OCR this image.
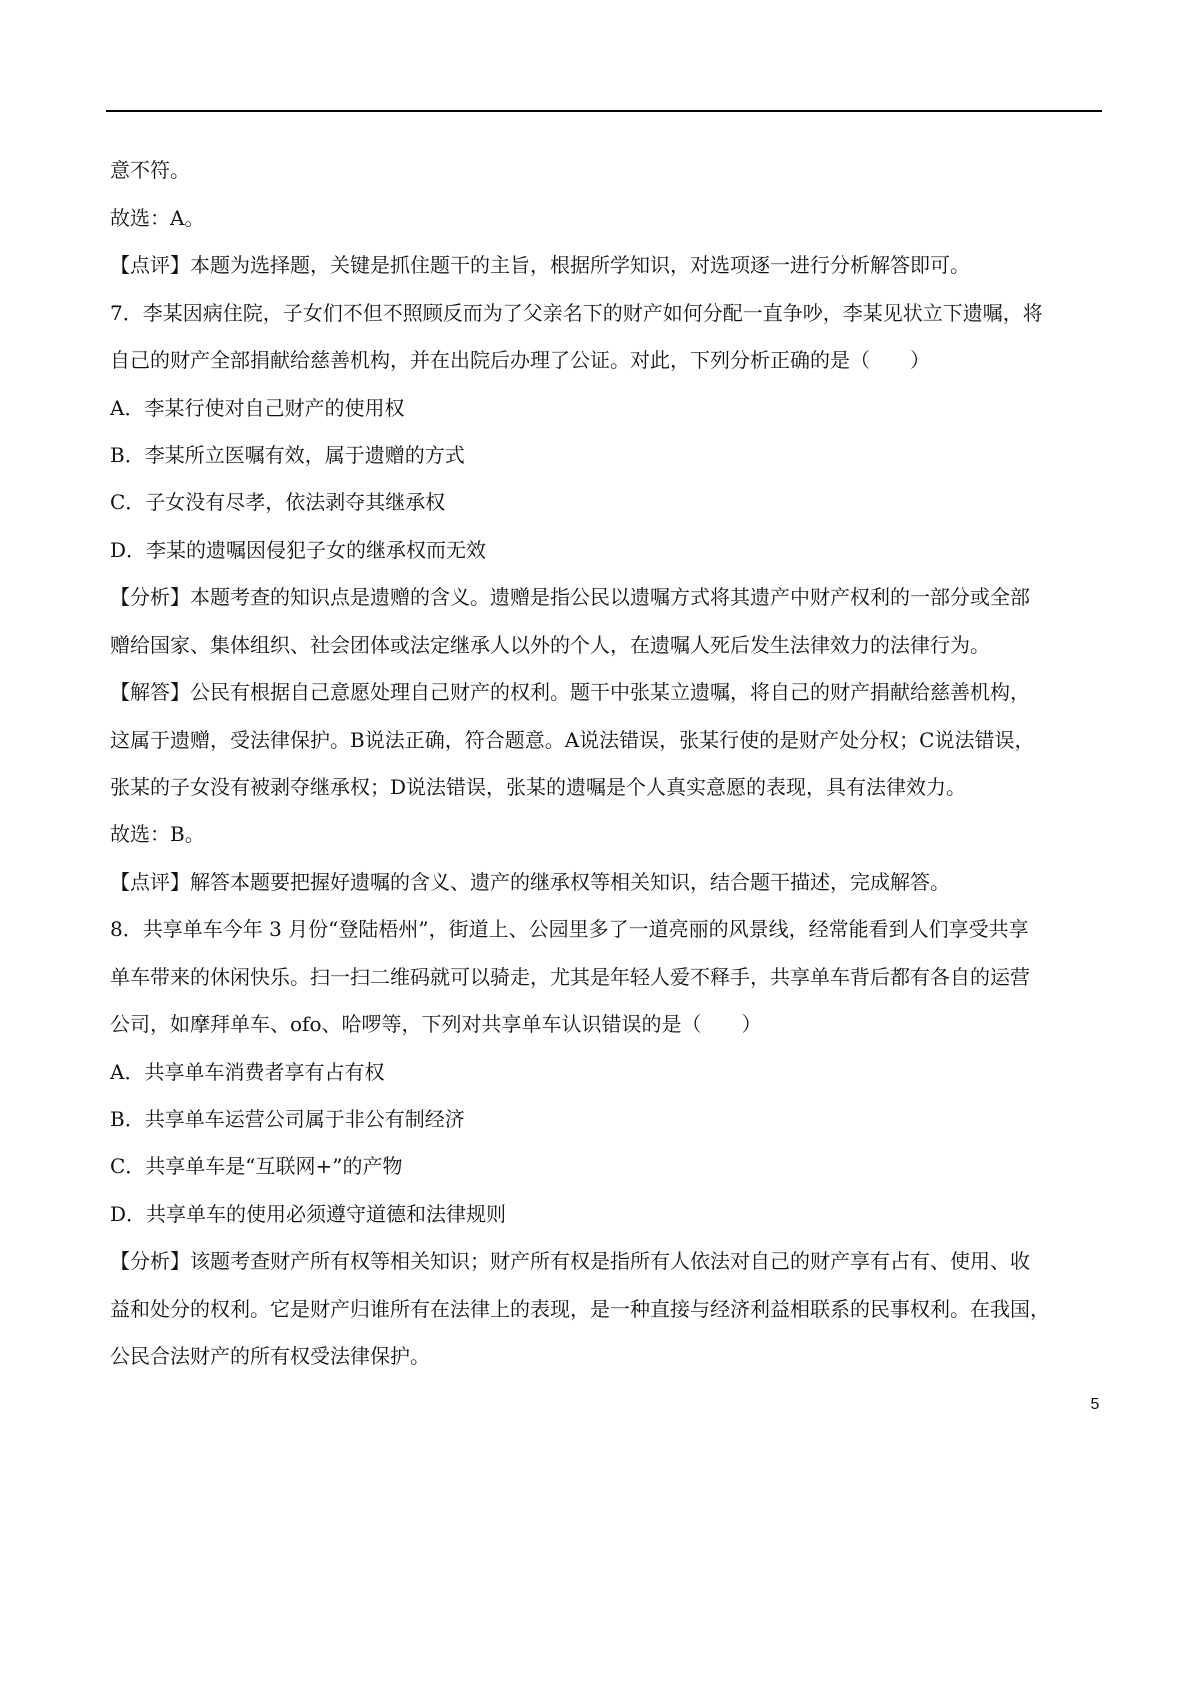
意不符。
故选：A。
【点评】本题为选择题，关键是抓住题干的主旨，根据所学知识，对选项逐一进行分析解答即可。
7．李某因病住院，子女们不但不照顾反而为了父亲名下的财产如何分配一直争吵，李某见状立下遗嘱，将
自己的财产全部捐献给慈善机构，并在出院后办理了公证。对此，下列分析正确的是（　　）
A．李某行使对自己财产的使用权
B．李某所立医嘱有效，属于遗赠的方式
C．子女没有尽孝，依法剥夺其继承权
D．李某的遗嘱因侵犯子女的继承权而无效
【分析】本题考查的知识点是遗赠的含义。遗赠是指公民以遗嘱方式将其遗产中财产权利的一部分或全部
赠给国家、集体组织、社会团体或法定继承人以外的个人，在遗嘱人死后发生法律效力的法律行为。
【解答】公民有根据自己意愿处理自己财产的权利。题干中张某立遗嘱，将自己的财产捐献给慈善机构，
这属于遗赠，受法律保护。B说法正确，符合题意。A说法错误，张某行使的是财产处分权；C说法错误，
张某的子女没有被剥夺继承权；D说法错误，张某的遗嘱是个人真实意愿的表现，具有法律效力。
故选：B。
【点评】解答本题要把握好遗嘱的含义、遗产的继承权等相关知识，结合题干描述，完成解答。
8．共享单车今年 3 月份“登陆梧州”，街道上、公园里多了一道亮丽的风景线，经常能看到人们享受共享
单车带来的休闲快乐。扫一扫二维码就可以骑走，尤其是年轻人爱不释手，共享单车背后都有各自的运营
公司，如摩拜单车、ofo、哈啰等，下列对共享单车认识错误的是（　　）
A．共享单车消费者享有占有权
B．共享单车运营公司属于非公有制经济
C．共享单车是“互联网+”的产物
D．共享单车的使用必须遵守道德和法律规则
【分析】该题考查财产所有权等相关知识；财产所有权是指所有人依法对自己的财产享有占有、使用、收
益和处分的权利。它是财产归谁所有在法律上的表现，是一种直接与经济利益相联系的民事权利。在我国，
公民合法财产的所有权受法律保护。
5
